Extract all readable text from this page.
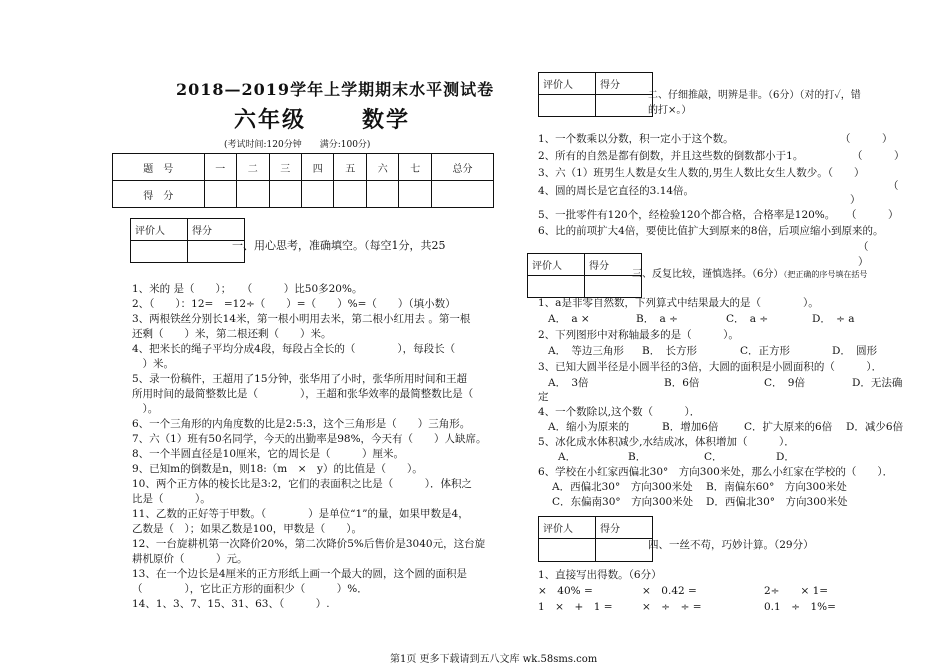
2018—2019学年上学期期末水平测试卷
六年级	数学
(考试时间:120分钟　　满分:100分)
题　号	一	二	三	四	五	六	七	总分
得　分								
评价人	得分

一、用心思考，准确填空。（每空1分，共25
1、米的 是（　　）；　　（　　　）比50多20%。
2、（　　）：12=　=12÷（　　）=（　　）%=（　　）（填小数）
3、两根铁丝分别长14米，第一根小明用去米，第二根小红用去 。第一根
还剩（　　）米，第二根还剩（　　）米。
4、把米长的绳子平均分成4段，每段占全长的（　　　　），每段长（
　）米。
5、录一份稿件，王超用了15分钟，张华用了小时，张华所用时间和王超
所用时间的最简整数比是（　　　　），王超和张华效率的最简整数比是（
　）。
6、一个三角形的内角度数的比是2:5:3，这个三角形是（　　）三角形。
7、六（1）班有50名同学，今天的出勤率是98%，今天有（　　）人缺席。
8、一个半圆直径是10厘米，它的周长是（　　　）厘米。
9、已知m的倒数是n，则18:（m　×　y）的比值是（　　）。
10、两个正方体的棱长比是3:2，它们的表面积之比是（　　　）．体积之
比是（　　　）。
11、乙数的正好等于甲数。（　　　　）是单位“1”的量，如果甲数是4，
乙数是（　）；如果乙数是100，甲数是（　　）。
12、一台旋耕机第一次降价20%，第二次降价5%后售价是3040元，这台旋
耕机原价（　　　）元。
13、在一个边长是4厘米的正方形纸上画一个最大的圆，这个圆的面积是
（　　　　），它比正方形的面积少（　　　）%．
14、1、3、7、15、31、63、（　　　）.
评价人	得分

二、仔细推敲，明辨是非。（6分）（对的打✓，错
的打×。）
1、一个数乘以分数，积一定小于这个数。
2、所有的自然是都有倒数，并且这些数的倒数都小于1。
3、六（1）班男生人数是女生人数的,男生人数比女生人数少。（　　）
4、圆的周长是它直径的3.14倍。
5、一批零件有120个，经检验120个都合格，合格率是120%。
6、比的前项扩大4倍，要使比值扩大到原来的8倍，后项应缩小到原来的。
（　　　）
（　　　）
（
）
（　　　）
（
）
评价人	得分

三、反复比较，谨慎选择。（6分）（把正确的序号填在括号
1、a是非零自然数，下列算式中结果最大的是（　　　　）。
A．　a ×	B．　a ÷	C．　a ÷	D．　÷ a
2、下列图形中对称轴最多的是（　　　）。
A．　等边三角形 B．　长方形	C．正方形	D．　圆形
3、已知大圆半径是小圆半径的3倍，大圆的面积是小圆面积的（　　　）．
A．　3倍	B．6倍	C．　9倍	D．无法确
定
4、一个数除以,这个数（　　　）．
A．缩小为原来的	B．增加6倍 C．扩大原来的6倍 D．减少6倍
5、冰化成水体积减少,水结成冰，体积增加（　　　）．
A．	B．	C．	D．
6、学校在小红家西偏北30°　方向300米处，那么小红家在学校的（　　）．
A．西偏北30°　方向300米处 B．南偏东60°　方向300米处
C．东偏南30°　方向300米处 D．西偏北30°　方向300米处
评价人	得分

四、一丝不苟，巧妙计算。（29分）
1、直接写出得数。（6分）
×　40% =	×　0.42 =	2÷　　× 1=
1　×　+　1 =	×　÷　÷ =	0.1　÷　1%=
第1页 更多下载请到五八文库 wk.58sms.com
